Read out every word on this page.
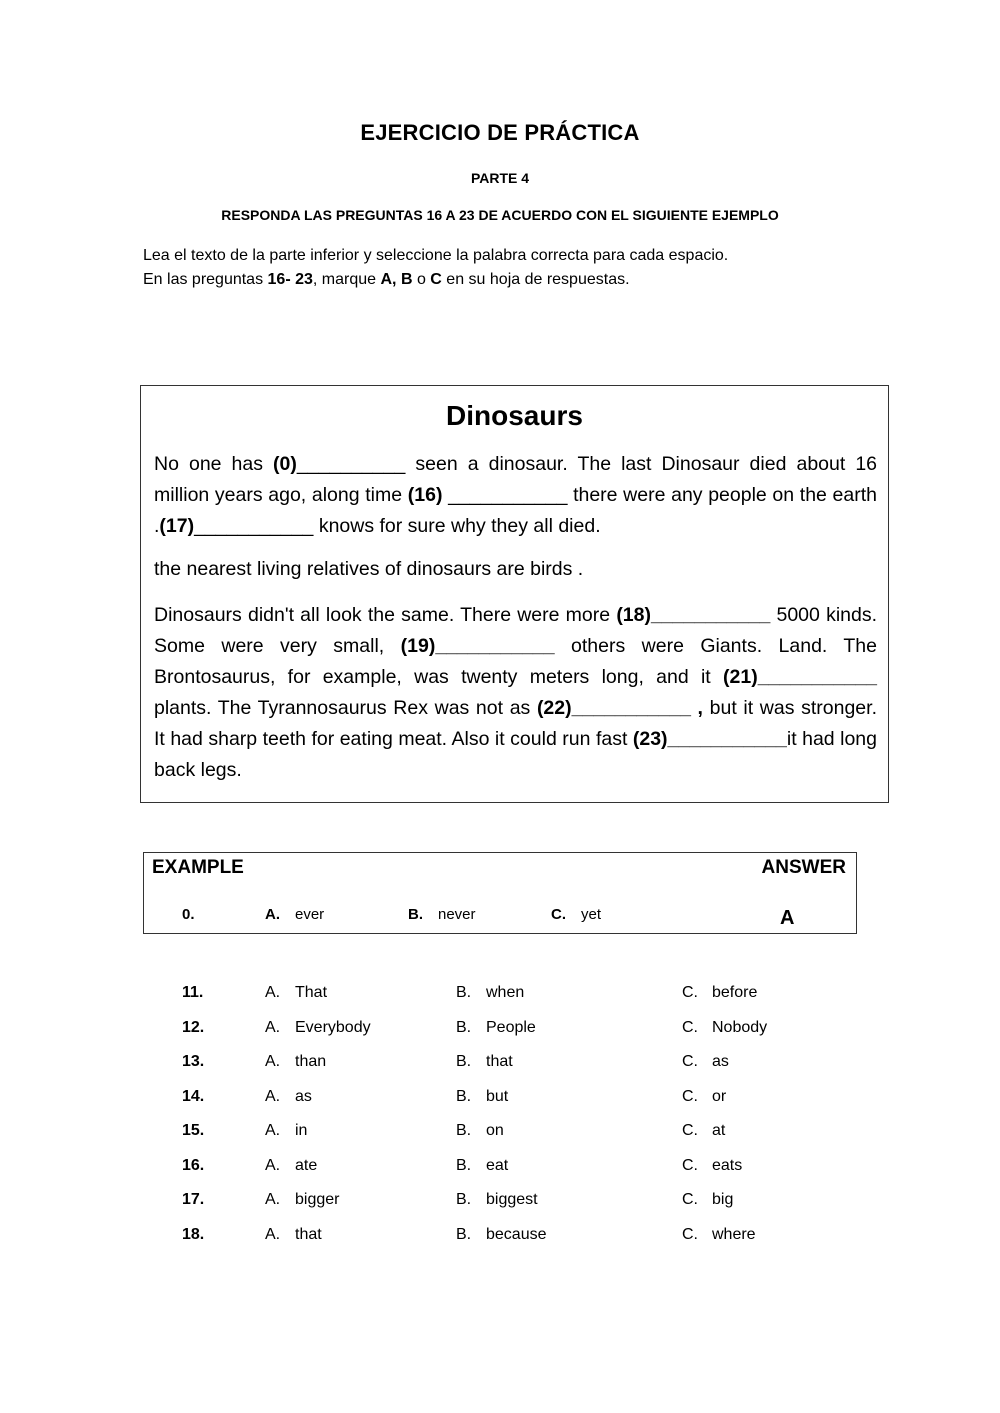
EJERCICIO DE PRÁCTICA
PARTE 4
RESPONDA LAS PREGUNTAS 16 A 23 DE ACUERDO CON EL SIGUIENTE EJEMPLO
Lea el texto de la parte inferior y seleccione la palabra correcta para cada espacio.
En las preguntas 16- 23, marque A, B o C en su hoja de respuestas.
Dinosaurs
No one has (0)__________ seen a dinosaur. The last Dinosaur died about 16 million years ago, along time (16) ___________ there were any people on the earth .(17)___________ knows for sure why they all died.
the nearest living relatives of dinosaurs are birds .
Dinosaurs didn't all look the same. There were more (18)___________ 5000 kinds. Some were very small, (19)___________ others were Giants. Land. The Brontosaurus, for example, was twenty meters long, and it (21)___________ plants. The Tyrannosaurus Rex was not as (22)___________ , but it was stronger. It had sharp teeth for eating meat. Also it could run fast (23)___________it had long back legs.
EXAMPLE	ANSWER
0.	A. ever	B. never	C. yet	A
11.	A. That	B. when	C. before
12.	A. Everybody	B. People	C. Nobody
13.	A. than	B. that	C. as
14.	A. as	B. but	C. or
15.	A. in	B. on	C. at
16.	A. ate	B. eat	C. eats
17.	A. bigger	B. biggest	C. big
18.	A. that	B. because	C. where
